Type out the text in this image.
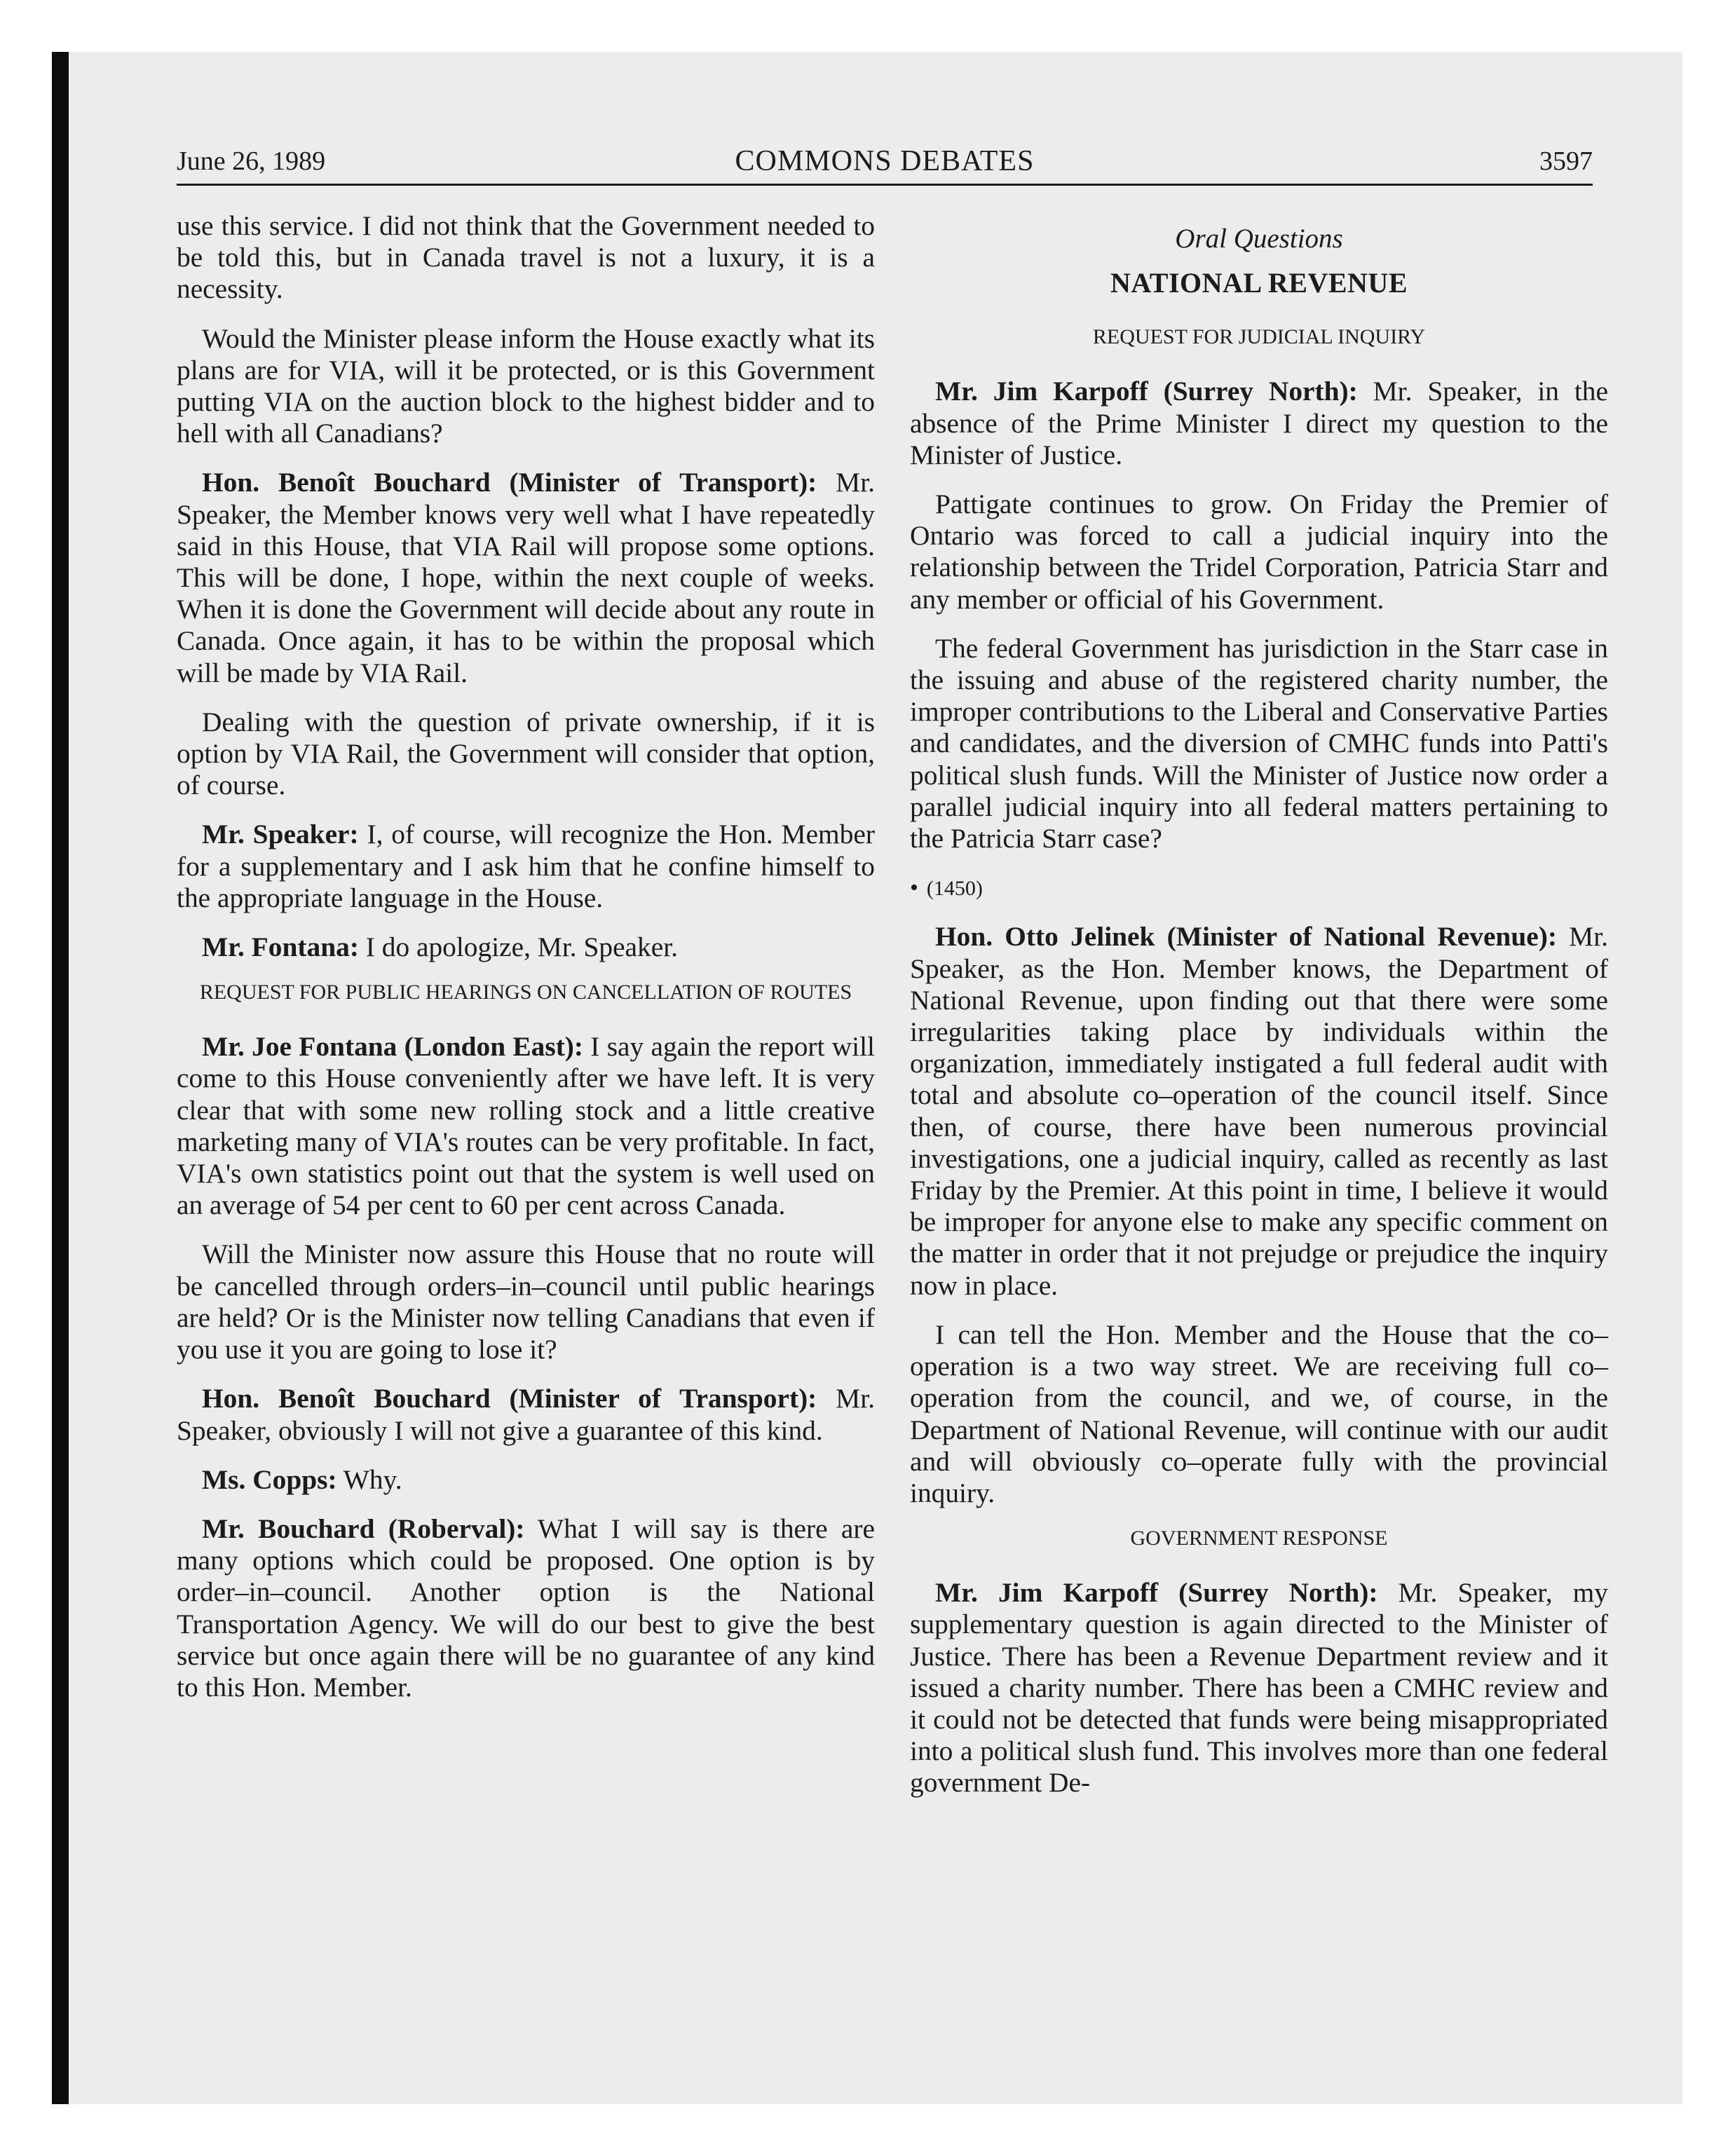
June 26, 1989	COMMONS DEBATES	3597

use this service. I did not think that the Government needed to be told this, but in Canada travel is not a luxury, it is a necessity.

Would the Minister please inform the House exactly what its plans are for VIA, will it be protected, or is this Government putting VIA on the auction block to the highest bidder and to hell with all Canadians?

Hon. Benoît Bouchard (Minister of Transport): Mr. Speaker, the Member knows very well what I have repeatedly said in this House, that VIA Rail will propose some options. This will be done, I hope, within the next couple of weeks. When it is done the Government will decide about any route in Canada. Once again, it has to be within the proposal which will be made by VIA Rail.

Dealing with the question of private ownership, if it is option by VIA Rail, the Government will consider that option, of course.

Mr. Speaker: I, of course, will recognize the Hon. Member for a supplementary and I ask him that he confine himself to the appropriate language in the House.

Mr. Fontana: I do apologize, Mr. Speaker.

REQUEST FOR PUBLIC HEARINGS ON CANCELLATION OF ROUTES

Mr. Joe Fontana (London East): I say again the report will come to this House conveniently after we have left. It is very clear that with some new rolling stock and a little creative marketing many of VIA's routes can be very profitable. In fact, VIA's own statistics point out that the system is well used on an average of 54 per cent to 60 per cent across Canada.

Will the Minister now assure this House that no route will be cancelled through orders–in–council until public hearings are held? Or is the Minister now telling Canadians that even if you use it you are going to lose it?

Hon. Benoît Bouchard (Minister of Transport): Mr. Speaker, obviously I will not give a guarantee of this kind.

Ms. Copps: Why.

Mr. Bouchard (Roberval): What I will say is there are many options which could be proposed. One option is by order–in–council. Another option is the National Transportation Agency. We will do our best to give the best service but once again there will be no guarantee of any kind to this Hon. Member.

Oral Questions
NATIONAL REVENUE
REQUEST FOR JUDICIAL INQUIRY

Mr. Jim Karpoff (Surrey North): Mr. Speaker, in the absence of the Prime Minister I direct my question to the Minister of Justice.

Pattigate continues to grow. On Friday the Premier of Ontario was forced to call a judicial inquiry into the relationship between the Tridel Corporation, Patricia Starr and any member or official of his Government.

The federal Government has jurisdiction in the Starr case in the issuing and abuse of the registered charity number, the improper contributions to the Liberal and Conservative Parties and candidates, and the diversion of CMHC funds into Patti's political slush funds. Will the Minister of Justice now order a parallel judicial inquiry into all federal matters pertaining to the Patricia Starr case?

• (1450)

Hon. Otto Jelinek (Minister of National Revenue): Mr. Speaker, as the Hon. Member knows, the Department of National Revenue, upon finding out that there were some irregularities taking place by individuals within the organization, immediately instigated a full federal audit with total and absolute co–operation of the council itself. Since then, of course, there have been numerous provincial investigations, one a judicial inquiry, called as recently as last Friday by the Premier. At this point in time, I believe it would be improper for anyone else to make any specific comment on the matter in order that it not prejudge or prejudice the inquiry now in place.

I can tell the Hon. Member and the House that the co–operation is a two way street. We are receiving full co–operation from the council, and we, of course, in the Department of National Revenue, will continue with our audit and will obviously co–operate fully with the provincial inquiry.

GOVERNMENT RESPONSE

Mr. Jim Karpoff (Surrey North): Mr. Speaker, my supplementary question is again directed to the Minister of Justice. There has been a Revenue Department review and it issued a charity number. There has been a CMHC review and it could not be detected that funds were being misappropriated into a political slush fund. This involves more than one federal government De-
